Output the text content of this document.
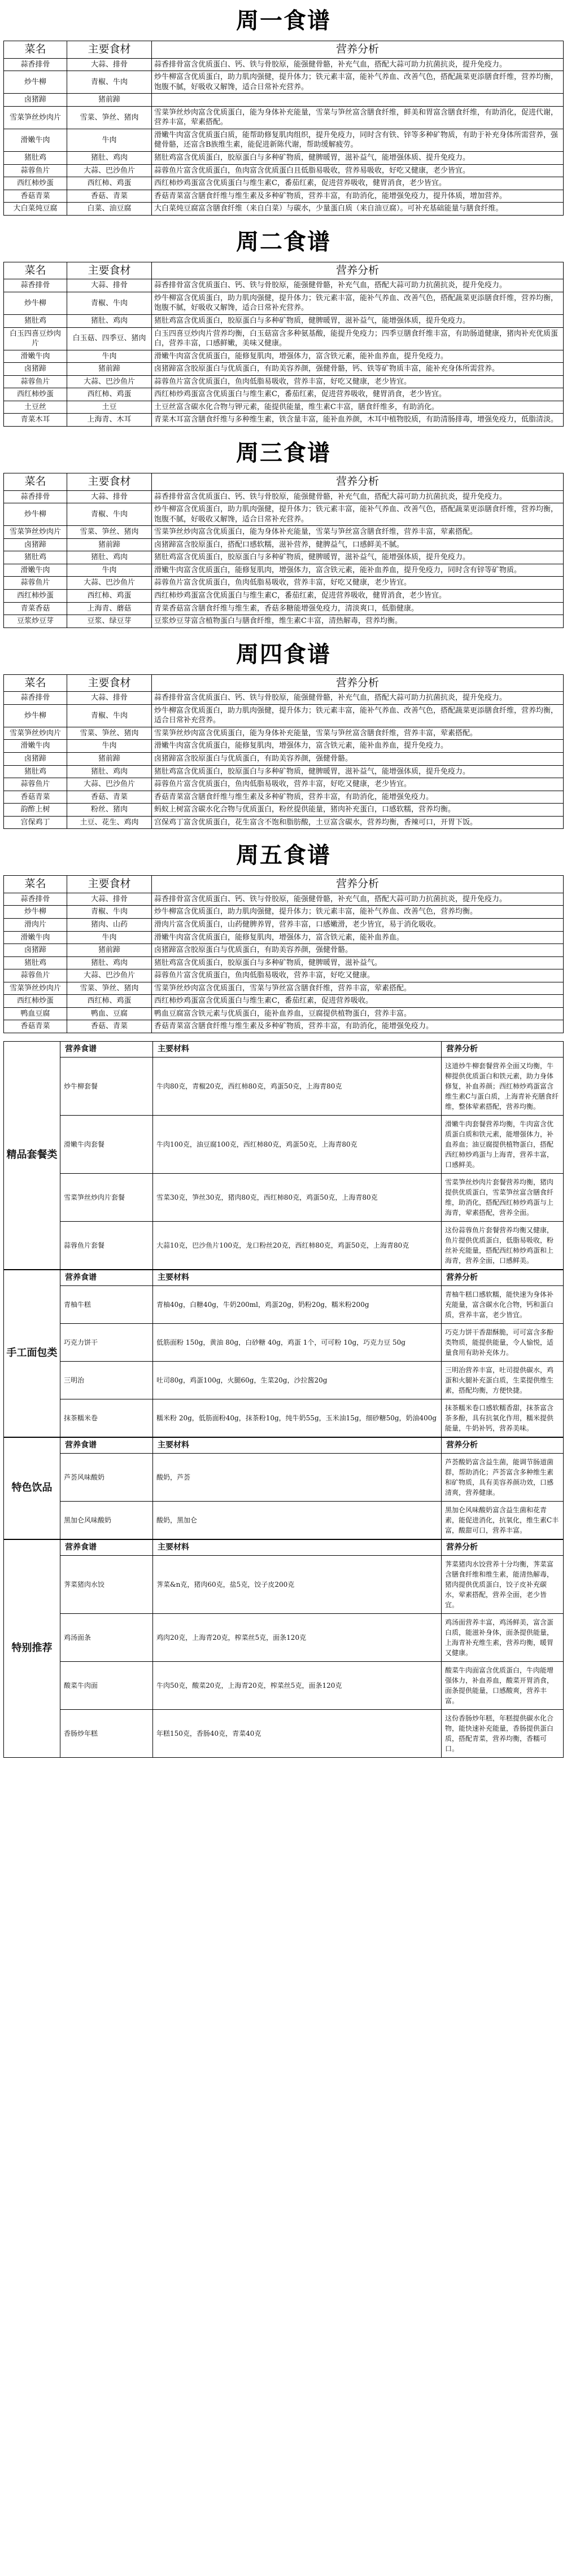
周一食谱
菜名	主要食材	营养分析
蒜香排骨	大蒜、排骨	蒜香排骨富含优质蛋白、钙、铁与骨胶原，能强健骨骼，补充气血，搭配大蒜可助力抗菌抗炎，提升免疫力。
炒牛柳	青椒、牛肉	炒牛柳富含优质蛋白，助力肌肉强健，提升体力；铁元素丰富，能补气养血、改善气色，搭配蔬菜更添膳食纤维，营养均衡，饱腹不腻，好吸收又解馋，适合日常补充营养。
卤猪蹄	猪前蹄	
雪菜笋丝炒肉片	雪菜、笋丝、猪肉	雪菜笋丝炒肉富含优质蛋白，能为身体补充能量，雪菜与笋丝富含膳食纤维，鲜美和胃富含膳食纤维，有助消化，促进代谢，营养丰富，荤素搭配。
滑嫩牛肉	牛肉	滑嫩牛肉富含优质蛋白质，能帮助修复肌肉组织，提升免疫力，同时含有铁、锌等多种矿物质，有助于补充身体所需营养，强健骨骼，还富含B族维生素，能促进新陈代谢，帮助缓解疲劳。
猪肚鸡	猪肚、鸡肉	猪肚鸡富含优质蛋白，胶原蛋白与多种矿物质，健脾暖胃，滋补益气，能增强体质、提升免疫力。
蒜蓉鱼片	大蒜、巴沙鱼片	蒜蓉鱼片富含优质蛋白，鱼肉富含优质蛋白且低脂易吸收，营养易吸收，好吃又健康，老少皆宜。
西红柿炒蛋	西红柿、鸡蛋	西红柿炒鸡蛋富含优质蛋白与维生素C，番茄红素，促进营养吸收，健胃消食，老少皆宜。
香菇青菜	香菇、青菜	香菇青菜富含膳食纤维与维生素及多种矿物质，营养丰富，有助消化，能增强免疫力，提升体质，增加营养。
大白菜炖豆腐	白菜、油豆腐	大白菜炖豆腐富含膳食纤维（来自白菜）与碳水，少量蛋白质（来自油豆腐）。可补充基础能量与膳食纤维。
周二食谱
菜名	主要食材	营养分析
蒜香排骨	大蒜、排骨	蒜香排骨富含优质蛋白、钙、铁与骨胶原，能强健骨骼，补充气血，搭配大蒜可助力抗菌抗炎，提升免疫力。
炒牛柳	青椒、牛肉	炒牛柳富含优质蛋白，助力肌肉强健，提升体力；铁元素丰富，能补气养血、改善气色，搭配蔬菜更添膳食纤维，营养均衡，饱腹不腻，好吸收又解馋，适合日常补充营养。
猪肚鸡	猪肚、鸡肉	猪肚鸡富含优质蛋白，胶原蛋白与多种矿物质，健脾暖胃，滋补益气，能增强体质，提升免疫力。
白玉四喜豆炒肉片	白玉菇、四季豆、猪肉	白玉四喜豆炒肉片营养均衡，白玉菇富含多种氨基酸，能提升免疫力；四季豆膳食纤维丰富，有助肠道健康，猪肉补充优质蛋白，营养丰富，口感鲜嫩，美味又健康。
滑嫩牛肉	牛肉	滑嫩牛肉富含优质蛋白，能修复肌肉，增强体力，富含铁元素，能补血养血，提升免疫力。
卤猪蹄	猪前蹄	卤猪蹄富含胶原蛋白与优质蛋白，有助美容养颜，强健骨骼，钙、铁等矿物质丰富，能补充身体所需营养。
蒜蓉鱼片	大蒜、巴沙鱼片	蒜蓉鱼片富含优质蛋白，鱼肉低脂易吸收，营养丰富，好吃又健康，老少皆宜。
西红柿炒蛋	西红柿、鸡蛋	西红柿炒鸡蛋富含优质蛋白与维生素C，番茄红素，促进营养吸收，健胃消食，老少皆宜。
土豆丝	土豆	土豆丝富含碳水化合物与钾元素，能提供能量，维生素C丰富，膳食纤维多，有助消化。
青菜木耳	上海青、木耳	青菜木耳富含膳食纤维与多种维生素，铁含量丰富，能补血养颜，木耳中植物胶质，有助清肠排毒，增强免疫力，低脂清淡。
周三食谱
菜名	主要食材	营养分析
蒜香排骨	大蒜、排骨	蒜香排骨富含优质蛋白、钙、铁与骨胶原，能强健骨骼，补充气血，搭配大蒜可助力抗菌抗炎，提升免疫力。
炒牛柳	青椒、牛肉	炒牛柳富含优质蛋白，助力肌肉强健，提升体力；铁元素丰富，能补气养血、改善气色，搭配蔬菜更添膳食纤维，营养均衡，饱腹不腻，好吸收又解馋，适合日常补充营养。
雪菜笋丝炒肉片	雪菜、笋丝、猪肉	雪菜笋丝炒肉富含优质蛋白，能为身体补充能量，雪菜与笋丝富含膳食纤维，营养丰富，荤素搭配。
卤猪蹄	猪前蹄	卤猪蹄富含胶原蛋白，搭配口感软糯，滋补营养，健脾益气，口感鲜美不腻。
猪肚鸡	猪肚、鸡肉	猪肚鸡富含优质蛋白，胶原蛋白与多种矿物质，健脾暖胃，滋补益气，能增强体质，提升免疫力。
滑嫩牛肉	牛肉	滑嫩牛肉富含优质蛋白，能修复肌肉，增强体力，富含铁元素，能补血养血，提升免疫力，同时含有锌等矿物质。
蒜蓉鱼片	大蒜、巴沙鱼片	蒜蓉鱼片富含优质蛋白，鱼肉低脂易吸收，营养丰富，好吃又健康，老少皆宜。
西红柿炒蛋	西红柿、鸡蛋	西红柿炒鸡蛋富含优质蛋白与维生素C，番茄红素，促进营养吸收，健胃消食，老少皆宜。
青菜香菇	上海青、蘑菇	青菜香菇富含膳食纤维与维生素，香菇多糖能增强免疫力，清淡爽口，低脂健康。
豆浆炒豆芽	豆浆、绿豆芽	豆浆炒豆芽富含植物蛋白与膳食纤维，维生素C丰富，清热解毒，营养均衡。
周四食谱
菜名	主要食材	营养分析
蒜香排骨	大蒜、排骨	蒜香排骨富含优质蛋白、钙、铁与骨胶原，能强健骨骼，补充气血，搭配大蒜可助力抗菌抗炎，提升免疫力。
炒牛柳	青椒、牛肉	炒牛柳富含优质蛋白，助力肌肉强健，提升体力；铁元素丰富，能补气养血、改善气色，搭配蔬菜更添膳食纤维，营养均衡，适合日常补充营养。
雪菜笋丝炒肉片	雪菜、笋丝、猪肉	雪菜笋丝炒肉富含优质蛋白，能为身体补充能量，雪菜与笋丝富含膳食纤维，营养丰富，荤素搭配。
滑嫩牛肉	牛肉	滑嫩牛肉富含优质蛋白，能修复肌肉，增强体力，富含铁元素，能补血养血，提升免疫力。
卤猪蹄	猪前蹄	卤猪蹄富含胶原蛋白与优质蛋白，有助美容养颜，强健骨骼。
猪肚鸡	猪肚、鸡肉	猪肚鸡富含优质蛋白，胶原蛋白与多种矿物质，健脾暖胃，滋补益气，能增强体质，提升免疫力。
蒜蓉鱼片	大蒜、巴沙鱼片	蒜蓉鱼片富含优质蛋白，鱼肉低脂易吸收，营养丰富，好吃又健康，老少皆宜。
香菇青菜	香菇、青菜	香菇青菜富含膳食纤维与维生素及多种矿物质，营养丰富，有助消化，能增强免疫力。
韵酢上树	粉丝、猪肉	蚂蚁上树富含碳水化合物与优质蛋白，粉丝提供能量，猪肉补充蛋白，口感软糯，营养均衡。
宫保鸡丁	土豆、花生、鸡肉	宫保鸡丁富含优质蛋白，花生富含不饱和脂肪酸，土豆富含碳水，营养均衡，香辣可口，开胃下饭。
周五食谱
菜名	主要食材	营养分析
蒜香排骨	大蒜、排骨	蒜香排骨富含优质蛋白、钙、铁与骨胶原，能强健骨骼，补充气血，搭配大蒜可助力抗菌抗炎，提升免疫力。
炒牛柳	青椒、牛肉	炒牛柳富含优质蛋白，助力肌肉强健，提升体力；铁元素丰富，能补气养血、改善气色，营养均衡。
滑肉片	猪肉、山药	滑肉片富含优质蛋白，山药健脾养胃，营养丰富，口感嫩滑，老少皆宜，易于消化吸收。
滑嫩牛肉	牛肉	滑嫩牛肉富含优质蛋白，能修复肌肉，增强体力，富含铁元素，能补血养血。
卤猪蹄	猪前蹄	卤猪蹄富含胶原蛋白与优质蛋白，有助美容养颜，强健骨骼。
猪肚鸡	猪肚、鸡肉	猪肚鸡富含优质蛋白，胶原蛋白与多种矿物质，健脾暖胃，滋补益气。
蒜蓉鱼片	大蒜、巴沙鱼片	蒜蓉鱼片富含优质蛋白，鱼肉低脂易吸收，营养丰富，好吃又健康。
雪菜笋丝炒肉片	雪菜、笋丝、猪肉	雪菜笋丝炒肉富含优质蛋白，雪菜与笋丝富含膳食纤维，营养丰富，荤素搭配。
西红柿炒蛋	西红柿、鸡蛋	西红柿炒鸡蛋富含优质蛋白与维生素C，番茄红素，促进营养吸收。
鸭血豆腐	鸭血、豆腐	鸭血豆腐富含铁元素与优质蛋白，能补血养血，豆腐提供植物蛋白，营养丰富。
香菇青菜	香菇、青菜	香菇青菜富含膳食纤维与维生素及多种矿物质，营养丰富，有助消化，能增强免疫力。
精品套餐类	营养食谱	主要材料	营养分析
	炒牛柳套餐	牛肉80克，青椒20克，西红柿80克，鸡蛋50克，上海青80克	这道炒牛柳套餐营养全面又均衡，牛柳提供优质蛋白和铁元素，助力身体修复，补血养颜；西红柿炒鸡蛋富含维生素C与蛋白质，上海青补充膳食纤维，整体荤素搭配，营养均衡。
	滑嫩牛肉套餐	牛肉100克，油豆腐100克，西红柿80克，鸡蛋50克，上海青80克	滑嫩牛肉套餐营养均衡，牛肉富含优质蛋白质和铁元素，能增强体力，补血养血；油豆腐提供植物蛋白，搭配西红柿炒鸡蛋与上海青，营养丰富，口感鲜美。
	雪菜笋丝炒肉片套餐	雪菜30克，笋丝30克，猪肉80克，西红柿80克，鸡蛋50克，上海青80克	雪菜笋丝炒肉片套餐营养均衡，猪肉提供优质蛋白，雪菜笋丝富含膳食纤维，助消化，搭配西红柿炒鸡蛋与上海青，荤素搭配，营养全面。
	蒜蓉鱼片套餐	大蒜10克，巴沙鱼片100克，龙口粉丝20克，西红柿80克，鸡蛋50克，上海青80克	这份蒜蓉鱼片套餐营养均衡又健康，鱼片提供优质蛋白，低脂易吸收，粉丝补充能量，搭配西红柿炒鸡蛋和上海青，营养全面，口感鲜美。
手工面包类	营养食谱	主要材料	营养分析
	青柚牛糕	青柚40g，白糖40g，牛奶200ml，鸡蛋20g，奶粉20g，糯米粉200g	青柚牛糕口感软糯，能快速为身体补充能量，富含碳水化合物，钙和蛋白质，营养丰富，老少皆宜。
	巧克力饼干	低筋面粉 150g，黄油 80g，白砂糖 40g，鸡蛋 1个，可可粉 10g，巧克力豆 50g	巧克力饼干香甜酥脆，可可富含多酚类物质，能提供能量，令人愉悦，适量食用有助补充体力。
	三明治	吐司80g，鸡蛋100g，火腿60g，生菜20g，沙拉酱20g	三明治营养丰富，吐司提供碳水，鸡蛋和火腿补充蛋白质，生菜提供维生素，搭配均衡，方便快捷。
	抹茶糯米卷	糯米粉 20g，低筋面粉40g，抹茶粉10g，纯牛奶55g，玉米油15g，细砂糖50g，奶油400g	抹茶糯米卷口感软糯香甜，抹茶富含茶多酚，具有抗氧化作用，糯米提供能量，牛奶补钙，营养美味。
特色饮品	营养食谱	主要材料	营养分析
	芦荟风味酸奶	酸奶，芦荟	芦荟酸奶富含益生菌，能调节肠道菌群，帮助消化；芦荟富含多种维生素和矿物质，具有美容养颜功效，口感清爽，营养健康。
	黑加仑风味酸奶	酸奶，黑加仑	黑加仑风味酸奶富含益生菌和花青素，能促进消化，抗氧化，维生素C丰富，酸甜可口，营养丰富。
特别推荐	营养食谱	主要材料	营养分析
	荠菜猪肉水饺	荠菜&n克，猪肉60克，盐5克，饺子皮200克	荠菜猪肉水饺营养十分均衡，荠菜富含膳食纤维和维生素，能清热解毒，猪肉提供优质蛋白，饺子皮补充碳水，荤素搭配，营养全面，老少皆宜。
	鸡汤面条	鸡肉20克，上海青20克，榨菜丝5克，面条120克	鸡汤面营养丰富，鸡汤鲜美，富含蛋白质，能滋补身体，面条提供能量，上海青补充维生素，营养均衡，暖胃又健康。
	酸菜牛肉面	牛肉50克，酸菜20克，上海青20克，榨菜丝5克，面条120克	酸菜牛肉面富含优质蛋白，牛肉能增强体力，补血养血，酸菜开胃消食，面条提供能量，口感酸爽，营养丰富。
	香肠炒年糕	年糕150克，香肠40克，青菜40克	这份香肠炒年糕，年糕提供碳水化合物，能快速补充能量，香肠提供蛋白质，搭配青菜，营养均衡，香糯可口。
